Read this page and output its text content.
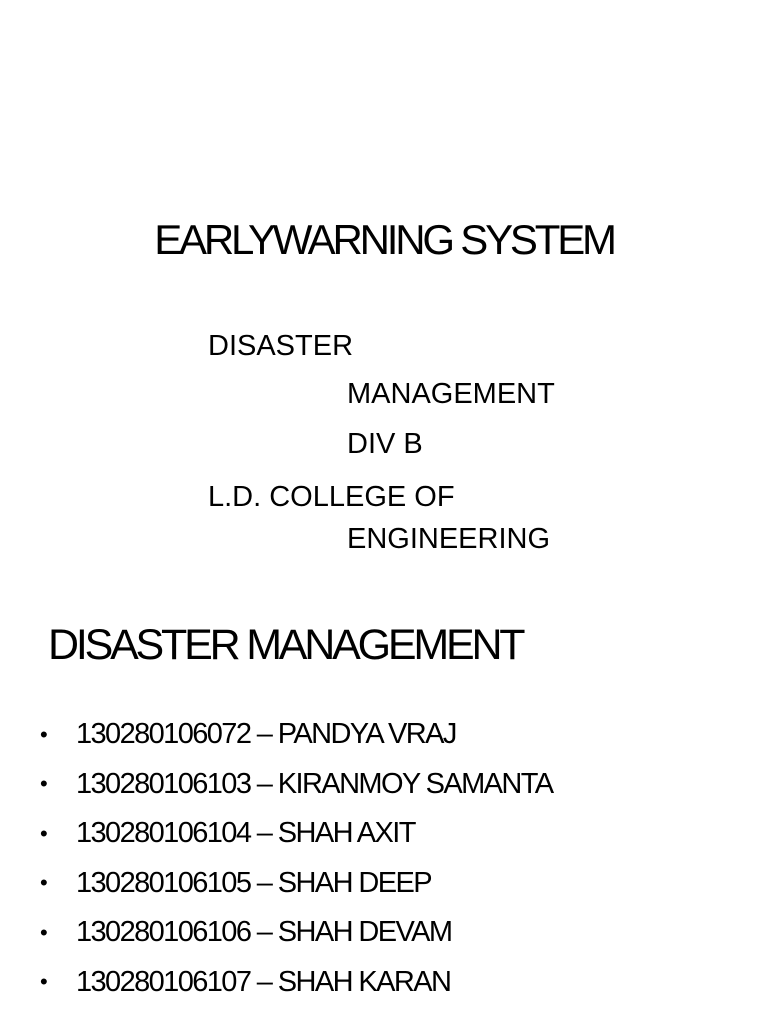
EARLYWARNING SYSTEM
DISASTER
MANAGEMENT
DIV B
L.D. COLLEGE OF
ENGINEERING
DISASTER MANAGEMENT
• 130280106072 – PANDYA VRAJ
• 130280106103 – KIRANMOY SAMANTA
• 130280106104 – SHAH AXIT
• 130280106105 – SHAH DEEP
• 130280106106 – SHAH DEVAM
• 130280106107 – SHAH KARAN
